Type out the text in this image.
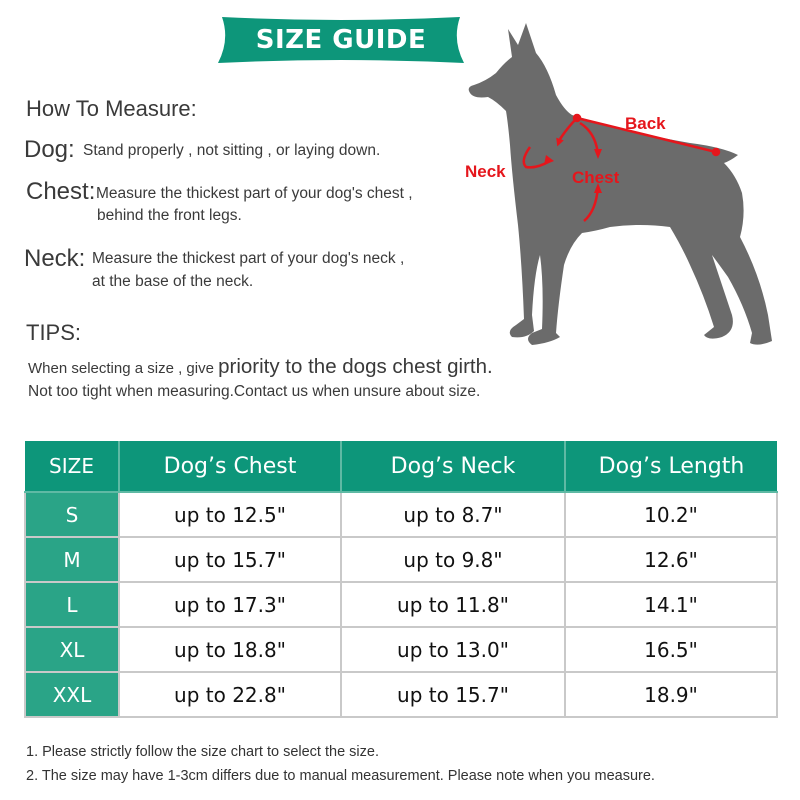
SIZE GUIDE
How To Measure:
Dog: Stand properly , not sitting , or laying down.
Chest: Measure the thickest part of your dog's chest ,
behind the front legs.
Neck: Measure the thickest part of your dog's neck ,
at the base of the neck.
TIPS:
When selecting a size , give priority to the dogs chest girth.
Not too tight when measuring.Contact us when unsure about size.
Back
Neck	Chest
SIZE	Dog’s Chest	Dog’s Neck	Dog’s Length
S	up to 12.5"	up to 8.7"	10.2"
M	up to 15.7"	up to 9.8"	12.6"
L	up to 17.3"	up to 11.8"	14.1"
XL	up to 18.8"	up to 13.0"	16.5"
XXL	up to 22.8"	up to 15.7"	18.9"
1. Please strictly follow the size chart to select the size.
2. The size may have 1-3cm differs due to manual measurement. Please note when you measure.
